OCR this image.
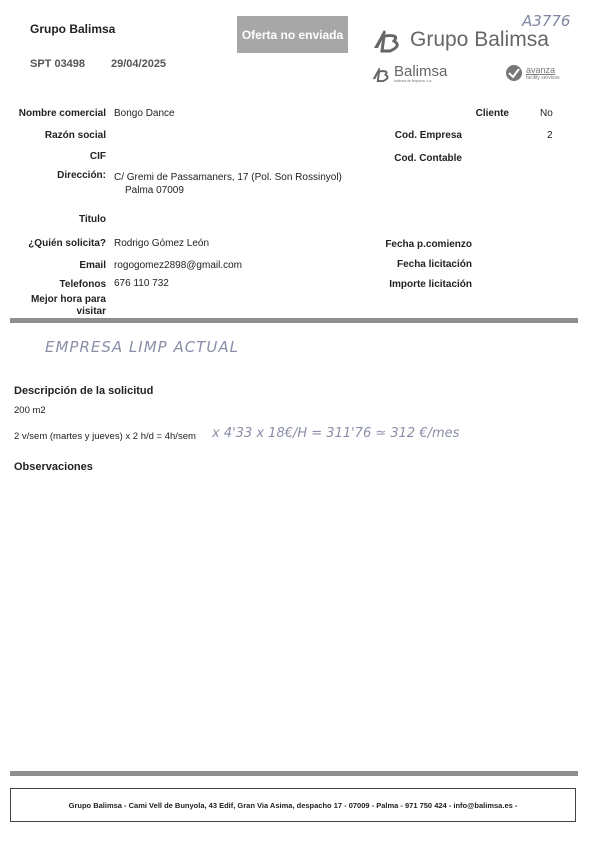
Grupo Balimsa
SPT 03498 29/04/2025
Oferta no enviada
A3776
Grupo Balimsa
Balimsa
balimsa de limpieza, s.a.
avanza
facility services
Nombre comercial Bongo Dance
Razón social
CIF
Dirección: C/ Gremi de Passamaners, 17 (Pol. Son Rossinyol)
Palma 07009
Titulo
¿Quién solicita? Rodrigo Gómez León
Email rogogomez2898@gmail.com
Telefonos 676 110 732
Mejor hora para
visitar
Cliente	No
Cod. Empresa	2
Cod. Contable
Fecha p.comienzo
Fecha licitación
Importe licitación
EMPRESA LIMP ACTUAL
Descripción de la solicitud
200 m2
2 v/sem (martes y jueves) x 2 h/d = 4h/sem x 4'33 x 18€/H = 311'76 ≃ 312 €/mes
Observaciones
Grupo Balimsa - Cami Vell de Bunyola, 43 Edif, Gran Via Asima, despacho 17 - 07009 - Palma - 971 750 424 - info@balimsa.es -
